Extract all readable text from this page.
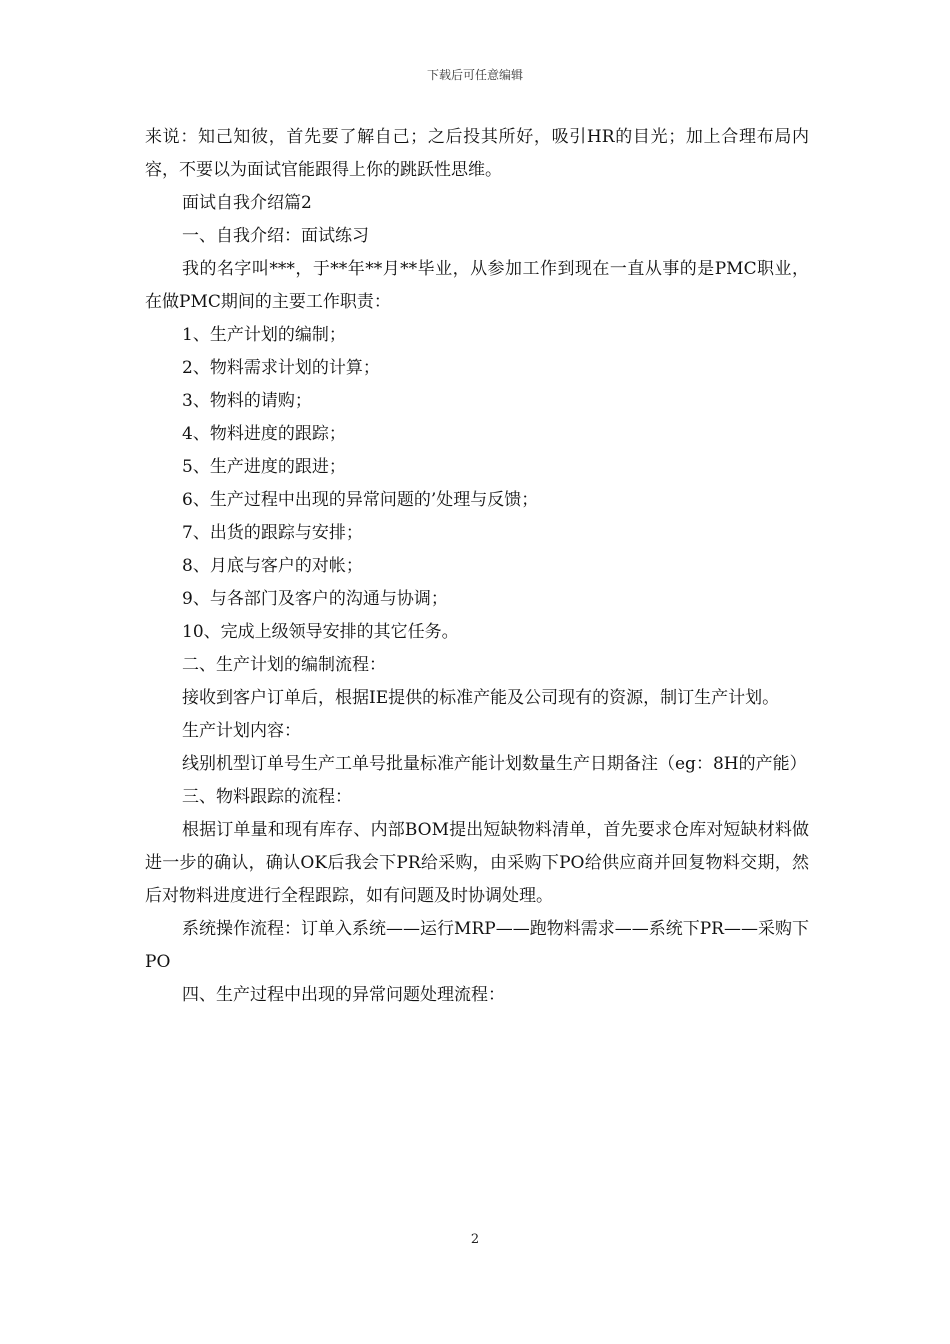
下载后可任意编辑

来说：知己知彼，首先要了解自己；之后投其所好，吸引HR的目光；加上合理布局内容，不要以为面试官能跟得上你的跳跃性思维。

面试自我介绍篇2

一、自我介绍：面试练习

我的名字叫***，于**年**月**毕业，从参加工作到现在一直从事的是PMC职业，在做PMC期间的主要工作职责：

1、生产计划的编制；

2、物料需求计划的计算；

3、物料的请购；

4、物料进度的跟踪；

5、生产进度的跟进；

6、生产过程中出现的异常问题的’处理与反馈；

7、出货的跟踪与安排；

8、月底与客户的对帐；

9、与各部门及客户的沟通与协调；

10、完成上级领导安排的其它任务。

二、生产计划的编制流程：

接收到客户订单后，根据IE提供的标准产能及公司现有的资源，制订生产计划。

生产计划内容：

线别机型订单号生产工单号批量标准产能计划数量生产日期备注（eg：8H的产能）

三、物料跟踪的流程：

根据订单量和现有库存、内部BOM提出短缺物料清单，首先要求仓库对短缺材料做进一步的确认，确认OK后我会下PR给采购，由采购下PO给供应商并回复物料交期，然后对物料进度进行全程跟踪，如有问题及时协调处理。

系统操作流程：订单入系统——运行MRP——跑物料需求——系统下PR——采购下PO

四、生产过程中出现的异常问题处理流程：

2
